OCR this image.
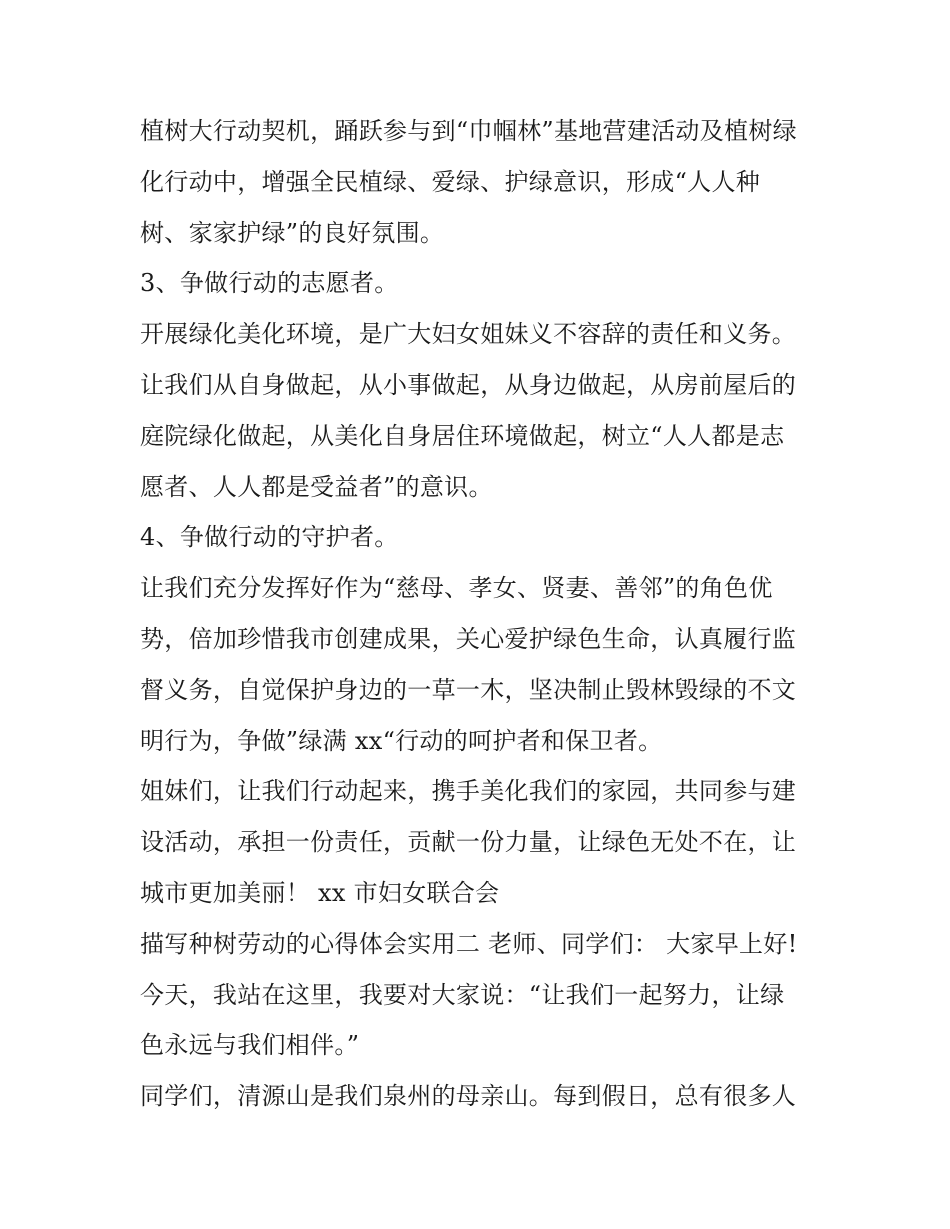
植树大行动契机，踊跃参与到“巾帼林”基地营建活动及植树绿
化行动中，增强全民植绿、爱绿、护绿意识，形成“人人种
树、家家护绿”的良好氛围。
3、争做行动的志愿者。
开展绿化美化环境，是广大妇女姐妹义不容辞的责任和义务。
让我们从自身做起，从小事做起，从身边做起，从房前屋后的
庭院绿化做起，从美化自身居住环境做起，树立“人人都是志
愿者、人人都是受益者”的意识。
4、争做行动的守护者。
让我们充分发挥好作为“慈母、孝女、贤妻、善邻”的角色优
势，倍加珍惜我市创建成果，关心爱护绿色生命，认真履行监
督义务，自觉保护身边的一草一木，坚决制止毁林毁绿的不文
明行为，争做”绿满 xx“行动的呵护者和保卫者。
姐妹们，让我们行动起来，携手美化我们的家园，共同参与建
设活动，承担一份责任，贡献一份力量，让绿色无处不在，让
城市更加美丽！ xx 市妇女联合会
描写种树劳动的心得体会实用二 老师、同学们： 大家早上好!
今天，我站在这里，我要对大家说：“让我们一起努力，让绿
色永远与我们相伴。”
同学们，清源山是我们泉州的母亲山。每到假日，总有很多人
